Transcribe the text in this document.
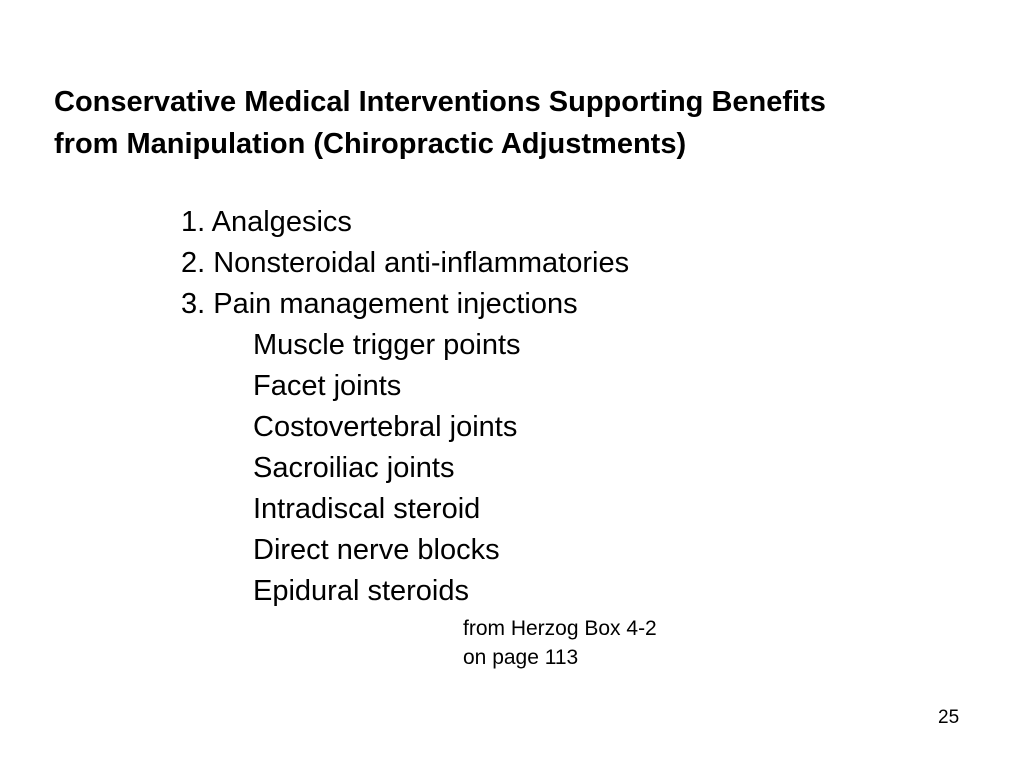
Conservative Medical Interventions Supporting Benefits
from Manipulation (Chiropractic Adjustments)
1. Analgesics
2. Nonsteroidal anti-inflammatories
3. Pain management injections
Muscle trigger points
Facet joints
Costovertebral joints
Sacroiliac joints
Intradiscal steroid
Direct nerve blocks
Epidural steroids
from Herzog Box 4-2
on page 113
25
